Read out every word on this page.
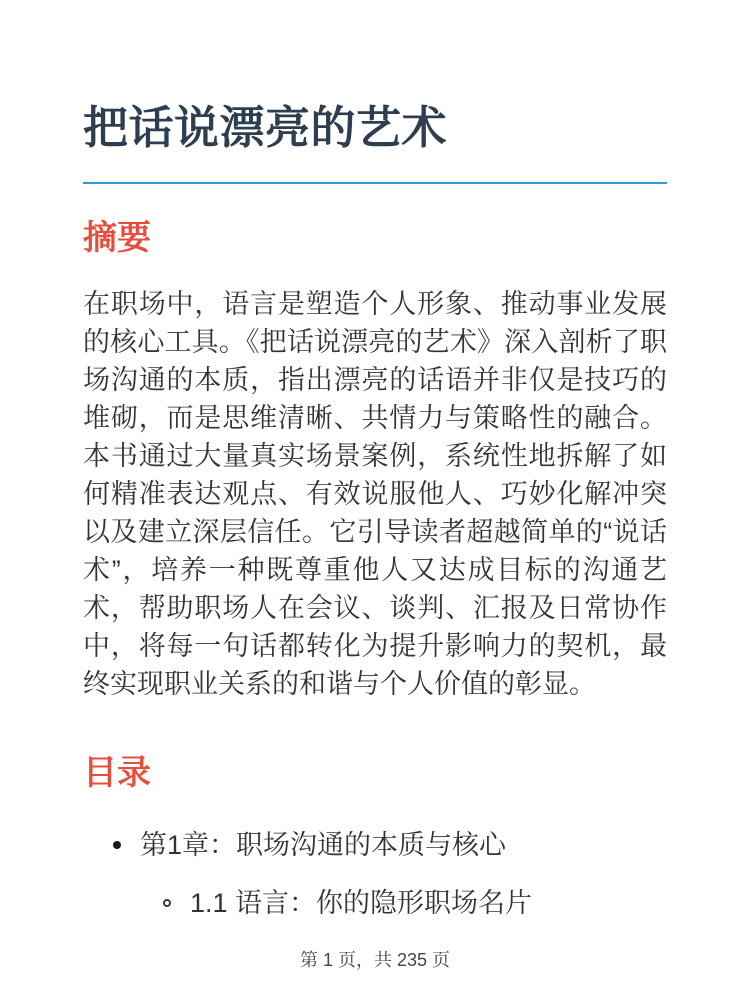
把话说漂亮的艺术
摘要

在职场中，语言是塑造个人形象、推动事业发展的核心工具。《把话说漂亮的艺术》深入剖析了职场沟通的本质，指出漂亮的话语并非仅是技巧的堆砌，而是思维清晰、共情力与策略性的融合。本书通过大量真实场景案例，系统性地拆解了如何精准表达观点、有效说服他人、巧妙化解冲突以及建立深层信任。它引导读者超越简单的“说话术”，培养一种既尊重他人又达成目标的沟通艺术，帮助职场人在会议、谈判、汇报及日常协作中，将每一句话都转化为提升影响力的契机，最终实现职业关系的和谐与个人价值的彰显。

目录
第1章：职场沟通的本质与核心
1.1 语言：你的隐形职场名片
第 1 页，共 235 页
